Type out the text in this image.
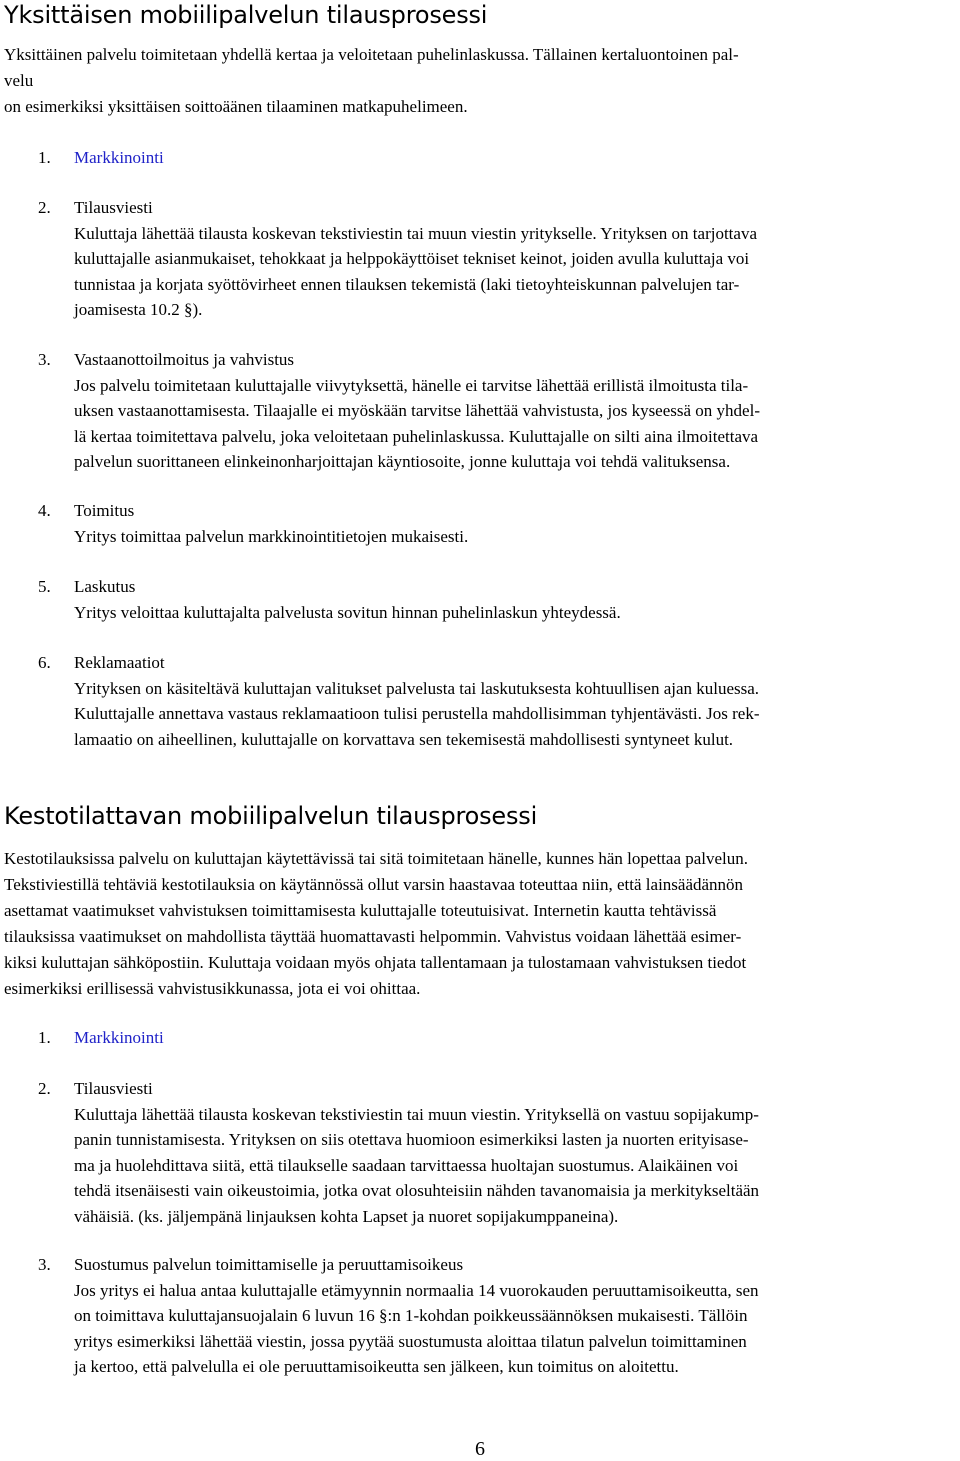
Yksittäisen mobiilipalvelun tilausprosessi
Yksittäinen palvelu toimitetaan yhdellä kertaa ja veloitetaan puhelinlaskussa. Tällainen kertaluontoinen pal-
velu
on esimerkiksi yksittäisen soittoäänen tilaaminen matkapuhelimeen.
1. Markkinointi
2. Tilausviesti
Kuluttaja lähettää tilausta koskevan tekstiviestin tai muun viestin yritykselle. Yrityksen on tarjottava
kuluttajalle asianmukaiset, tehokkaat ja helppokäyttöiset tekniset keinot, joiden avulla kuluttaja voi
tunnistaa ja korjata syöttövirheet ennen tilauksen tekemistä (laki tietoyhteiskunnan palvelujen tar-
joamisesta 10.2 §).
3. Vastaanottoilmoitus ja vahvistus
Jos palvelu toimitetaan kuluttajalle viivytyksettä, hänelle ei tarvitse lähettää erillistä ilmoitusta tila-
uksen vastaanottamisesta. Tilaajalle ei myöskään tarvitse lähettää vahvistusta, jos kyseessä on yhdel-
lä kertaa toimitettava palvelu, joka veloitetaan puhelinlaskussa. Kuluttajalle on silti aina ilmoitettava
palvelun suorittaneen elinkeinonharjoittajan käyntiosoite, jonne kuluttaja voi tehdä valituksensa.
4. Toimitus
Yritys toimittaa palvelun markkinointitietojen mukaisesti.
5. Laskutus
Yritys veloittaa kuluttajalta palvelusta sovitun hinnan puhelinlaskun yhteydessä.
6. Reklamaatiot
Yrityksen on käsiteltävä kuluttajan valitukset palvelusta tai laskutuksesta kohtuullisen ajan kuluessa.
Kuluttajalle annettava vastaus reklamaatioon tulisi perustella mahdollisimman tyhjentävästi. Jos rek-
lamaatio on aiheellinen, kuluttajalle on korvattava sen tekemisestä mahdollisesti syntyneet kulut.
Kestotilattavan mobiilipalvelun tilausprosessi
Kestotilauksissa palvelu on kuluttajan käytettävissä tai sitä toimitetaan hänelle, kunnes hän lopettaa palvelun.
Tekstiviestillä tehtäviä kestotilauksia on käytännössä ollut varsin haastavaa toteuttaa niin, että lainsäädännön
asettamat vaatimukset vahvistuksen toimittamisesta kuluttajalle toteutuisivat. Internetin kautta tehtävissä
tilauksissa vaatimukset on mahdollista täyttää huomattavasti helpommin. Vahvistus voidaan lähettää esimer-
kiksi kuluttajan sähköpostiin. Kuluttaja voidaan myös ohjata tallentamaan ja tulostamaan vahvistuksen tiedot
esimerkiksi erillisessä vahvistusikkunassa, jota ei voi ohittaa.
1. Markkinointi
2. Tilausviesti
Kuluttaja lähettää tilausta koskevan tekstiviestin tai muun viestin. Yrityksellä on vastuu sopijakump-
panin tunnistamisesta. Yrityksen on siis otettava huomioon esimerkiksi lasten ja nuorten erityisase-
ma ja huolehdittava siitä, että tilaukselle saadaan tarvittaessa huoltajan suostumus. Alaikäinen voi
tehdä itsenäisesti vain oikeustoimia, jotka ovat olosuhteisiin nähden tavanomaisia ja merkitykseltään
vähäisiä. (ks. jäljempänä linjauksen kohta Lapset ja nuoret sopijakumppaneina).
3. Suostumus palvelun toimittamiselle ja peruuttamisoikeus
Jos yritys ei halua antaa kuluttajalle etämyynnin normaalia 14 vuorokauden peruuttamisoikeutta, sen
on toimittava kuluttajansuojalain 6 luvun 16 §:n 1-kohdan poikkeussäännöksen mukaisesti. Tällöin
yritys esimerkiksi lähettää viestin, jossa pyytää suostumusta aloittaa tilatun palvelun toimittaminen
ja kertoo, että palvelulla ei ole peruuttamisoikeutta sen jälkeen, kun toimitus on aloitettu.
6
